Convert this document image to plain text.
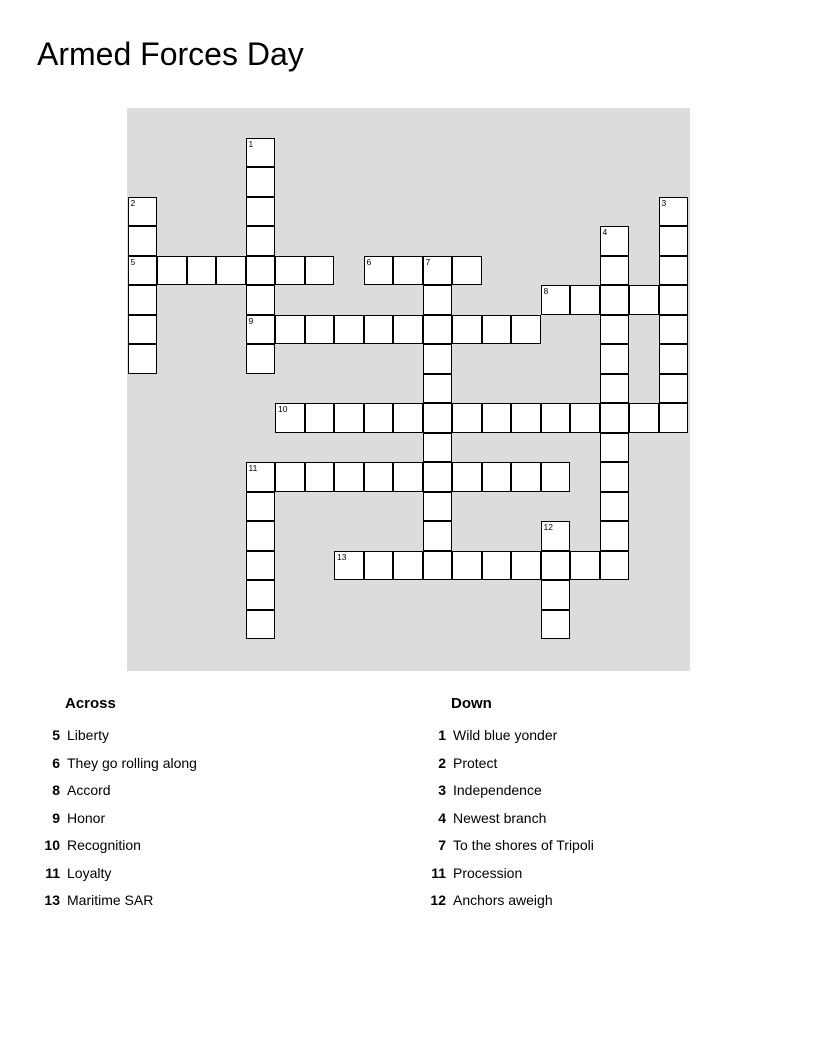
Armed Forces Day
1
2
5	6	7
3
4
8
9
10
11
12
13
Across
5 Liberty
6 They go rolling along
8 Accord
9 Honor
10 Recognition
11 Loyalty
13 Maritime SAR
Down
1 Wild blue yonder
2 Protect
3 Independence
4 Newest branch
7 To the shores of Tripoli
11 Procession
12 Anchors aweigh
